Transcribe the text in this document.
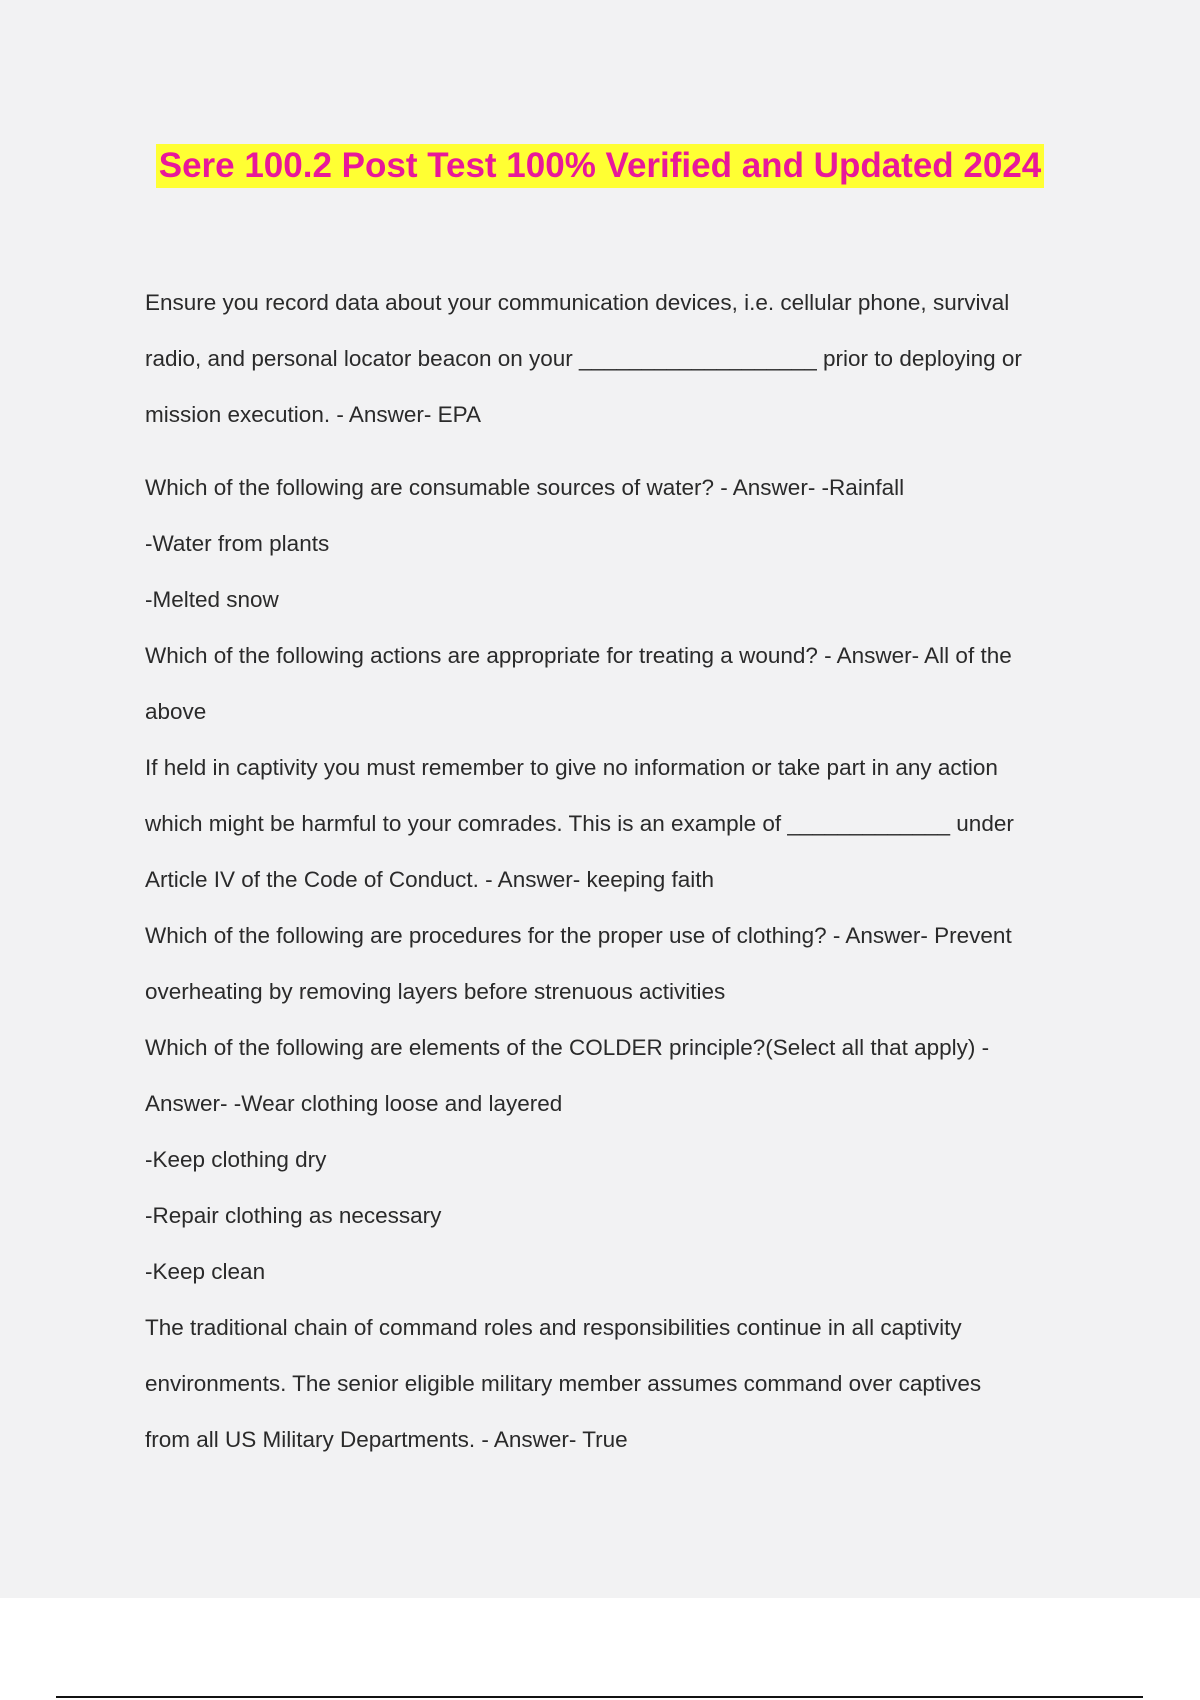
Sere 100.2 Post Test 100% Verified and Updated 2024
Ensure you record data about your communication devices, i.e. cellular phone, survival
radio, and personal locator beacon on your ___________________ prior to deploying or
mission execution. - Answer- EPA
Which of the following are consumable sources of water? - Answer- -Rainfall
-Water from plants
-Melted snow
Which of the following actions are appropriate for treating a wound? - Answer- All of the
above
If held in captivity you must remember to give no information or take part in any action
which might be harmful to your comrades. This is an example of _____________ under
Article IV of the Code of Conduct. - Answer- keeping faith
Which of the following are procedures for the proper use of clothing? - Answer- Prevent
overheating by removing layers before strenuous activities
Which of the following are elements of the COLDER principle?(Select all that apply) -
Answer- -Wear clothing loose and layered
-Keep clothing dry
-Repair clothing as necessary
-Keep clean
The traditional chain of command roles and responsibilities continue in all captivity
environments. The senior eligible military member assumes command over captives
from all US Military Departments. - Answer- True
